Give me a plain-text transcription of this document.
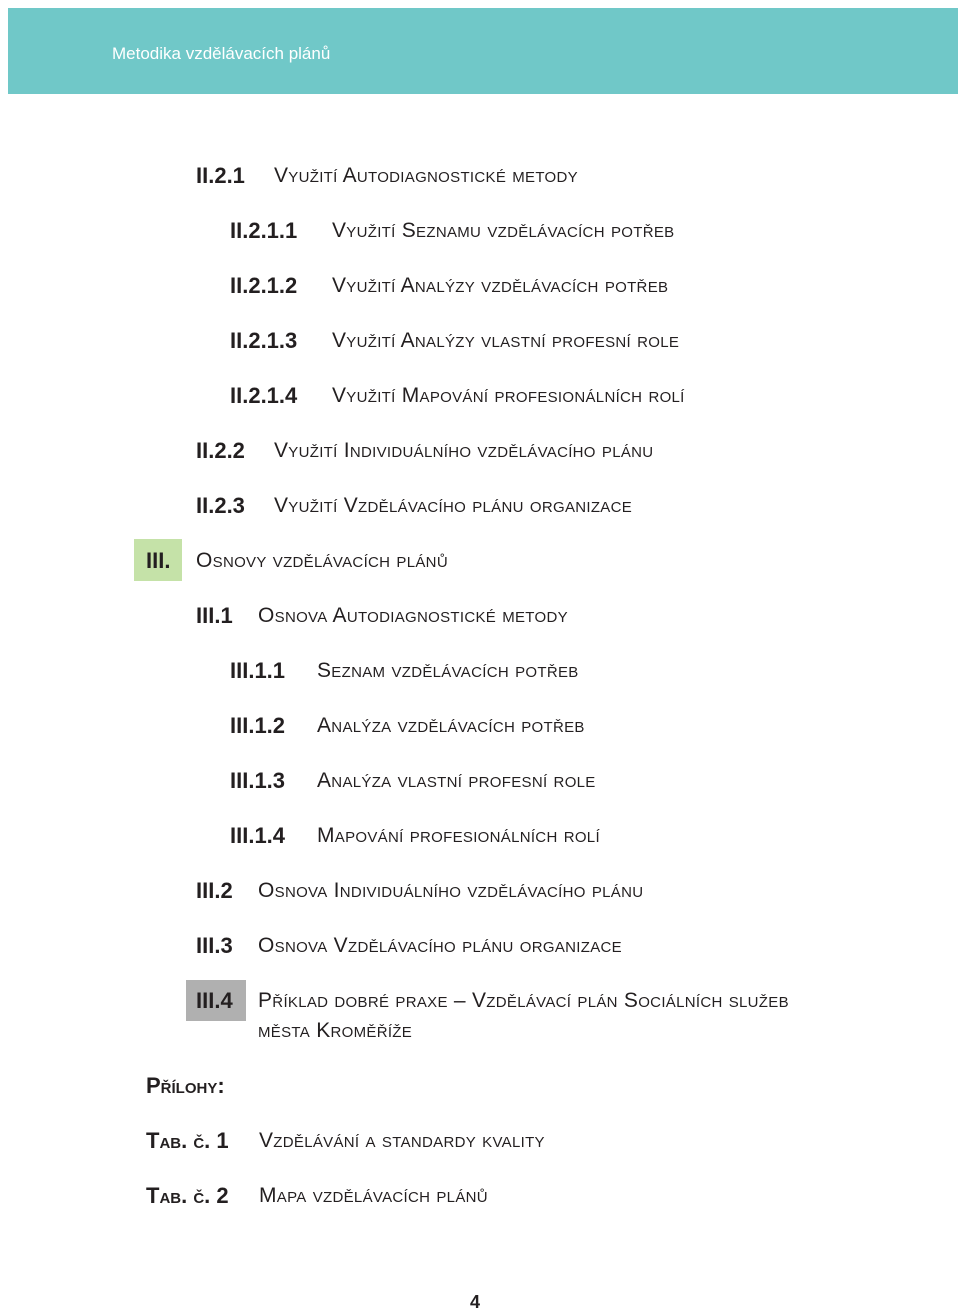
Metodika vzdělávacích plánů
II.2.1 Využití Autodiagnostické metody
II.2.1.1 Využití Seznamu vzdělávacích potřeb
II.2.1.2 Využití Analýzy vzdělávacích potřeb
II.2.1.3 Využití Analýzy vlastní profesní role
II.2.1.4 Využití Mapování profesionálních rolí
II.2.2 Využití Individuálního vzdělávacího plánu
II.2.3 Využití Vzdělávacího plánu organizace
III. Osnovy vzdělávacích plánů
III.1 Osnova Autodiagnostické metody
III.1.1 Seznam vzdělávacích potřeb
III.1.2 Analýza vzdělávacích potřeb
III.1.3 Analýza vlastní profesní role
III.1.4 Mapování profesionálních rolí
III.2 Osnova Individuálního vzdělávacího plánu
III.3 Osnova Vzdělávacího plánu organizace
III.4 Příklad dobré praxe – Vzdělávací plán Sociálních služeb
města Kroměříže
Přílohy:
Tab. č. 1 Vzdělávání a standardy kvality
Tab. č. 2 Mapa vzdělávacích plánů
4
